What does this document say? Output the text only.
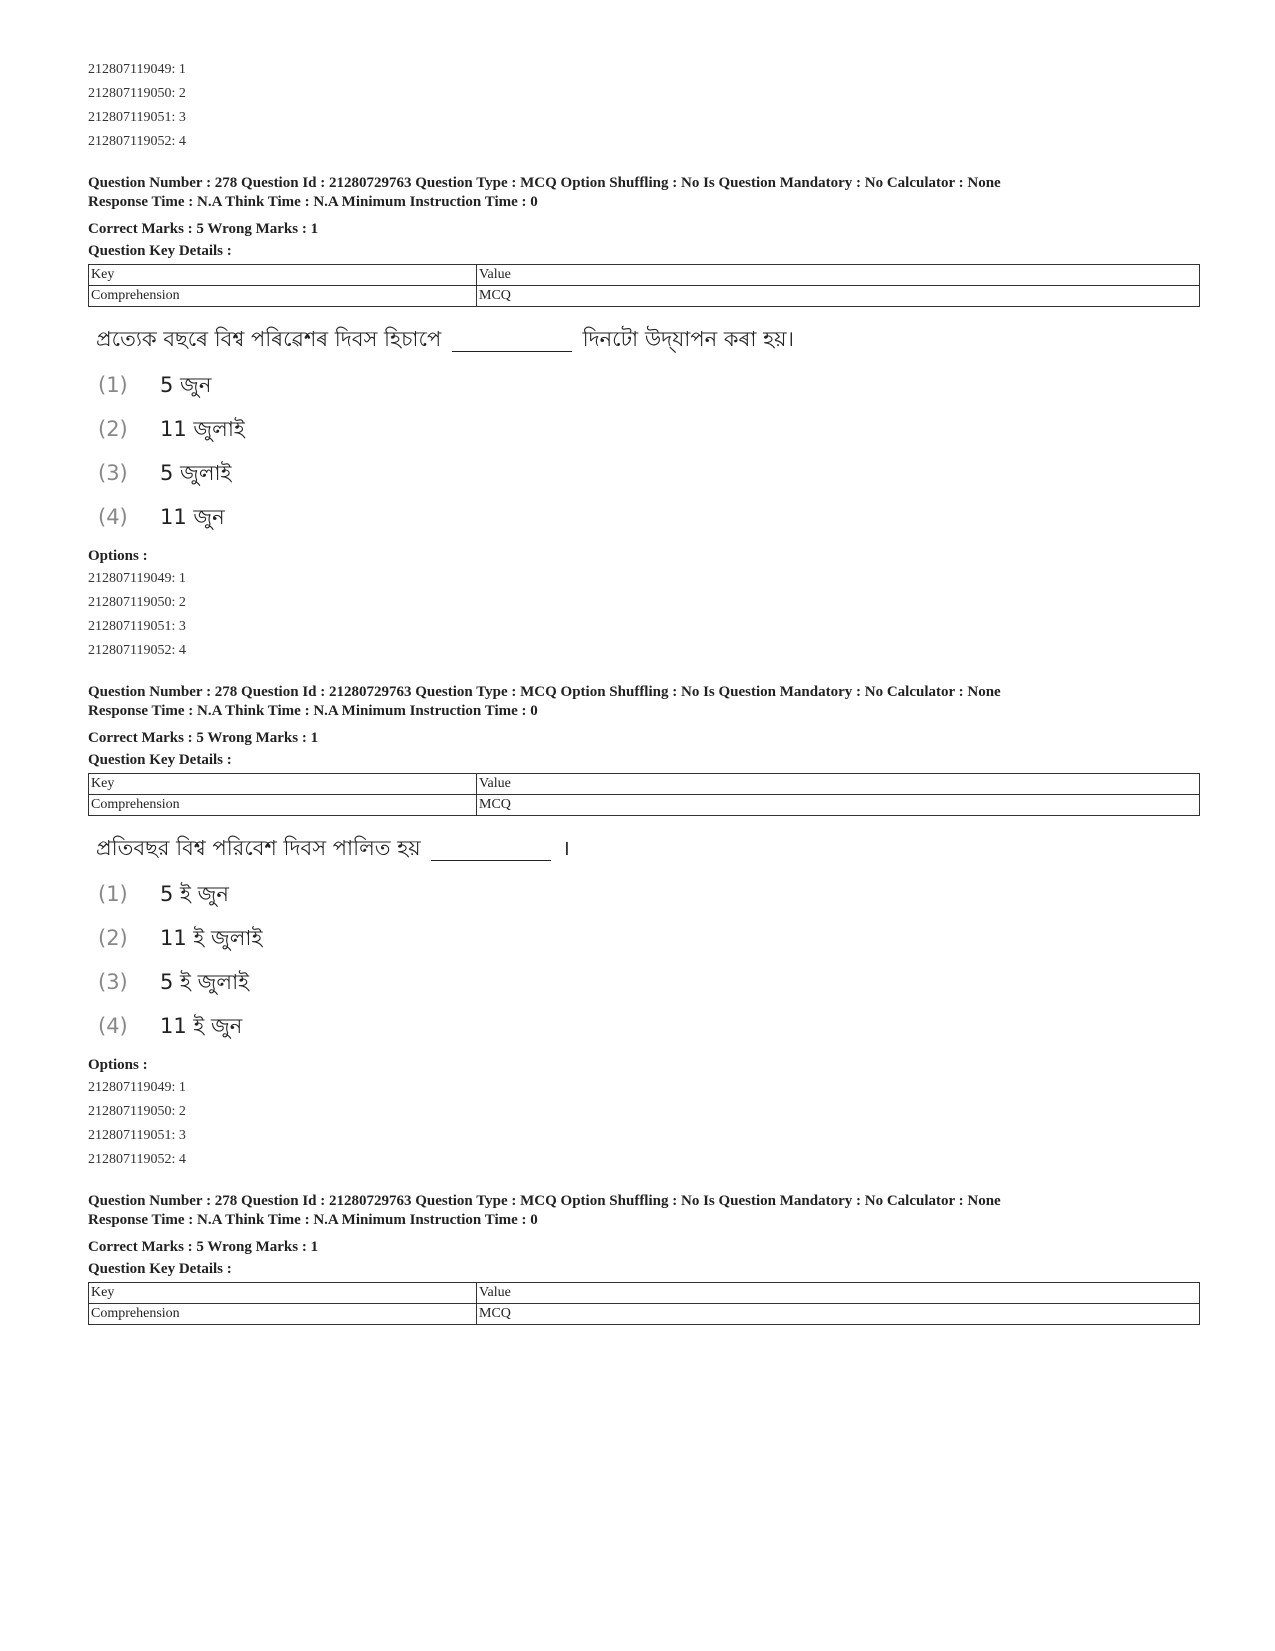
212807119049: 1
212807119050: 2
212807119051: 3
212807119052: 4
Question Number : 278 Question Id : 21280729763 Question Type : MCQ Option Shuffling : No Is Question Mandatory : No Calculator : None
Response Time : N.A Think Time : N.A Minimum Instruction Time : 0
Correct Marks : 5 Wrong Marks : 1
Question Key Details :
Key	Value
Comprehension	MCQ
প্ৰত্যেক বছৰে বিশ্ব পৰিৱেশৰ দিবস হিচাপে	দিনটো উদ্‌যাপন কৰা হয়।
(1)	5 জুন
(2)	11 জুলাই
(3)	5 জুলাই
(4)	11 জুন
Options :
212807119049: 1
212807119050: 2
212807119051: 3
212807119052: 4
Question Number : 278 Question Id : 21280729763 Question Type : MCQ Option Shuffling : No Is Question Mandatory : No Calculator : None
Response Time : N.A Think Time : N.A Minimum Instruction Time : 0
Correct Marks : 5 Wrong Marks : 1
Question Key Details :
Key	Value
Comprehension	MCQ
প্রতিবছর বিশ্ব পরিবেশ দিবস পালিত হয়	।
(1)	5 ই জুন
(2)	11 ই জুলাই
(3)	5 ই জুলাই
(4)	11 ই জুন
Options :
212807119049: 1
212807119050: 2
212807119051: 3
212807119052: 4
Question Number : 278 Question Id : 21280729763 Question Type : MCQ Option Shuffling : No Is Question Mandatory : No Calculator : None
Response Time : N.A Think Time : N.A Minimum Instruction Time : 0
Correct Marks : 5 Wrong Marks : 1
Question Key Details :
Key	Value
Comprehension	MCQ
